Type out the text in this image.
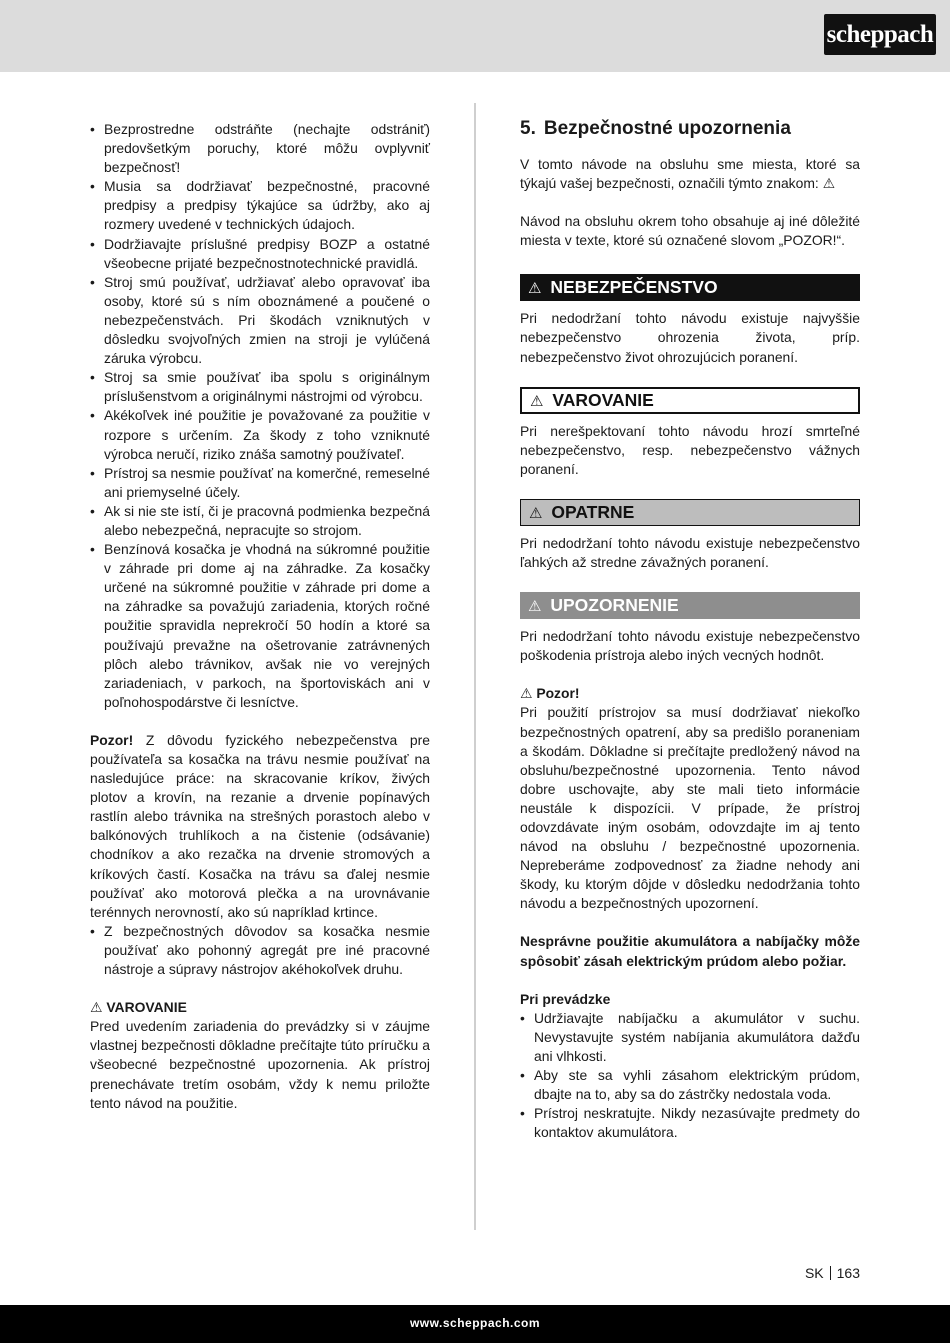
scheppach
• Bezprostredne odstráňte (nechajte odstrániť) predovšetkým poruchy, ktoré môžu ovplyvniť bezpečnosť!
• Musia sa dodržiavať bezpečnostné, pracovné predpisy a predpisy týkajúce sa údržby, ako aj rozmery uvedené v technických údajoch.
• Dodržiavajte príslušné predpisy BOZP a ostatné všeobecne prijaté bezpečnostnotechnické pravidlá.
• Stroj smú používať, udržiavať alebo opravovať iba osoby, ktoré sú s ním oboznámené a poučené o nebezpečenstvách. Pri škodách vzniknutých v dôsledku svojvoľných zmien na stroji je vylúčená záruka výrobcu.
• Stroj sa smie používať iba spolu s originálnym príslušenstvom a originálnymi nástrojmi od výrobcu.
• Akékoľvek iné použitie je považované za použitie v rozpore s určením. Za škody z toho vzniknuté výrobca neručí, riziko znáša samotný používateľ.
• Prístroj sa nesmie používať na komerčné, remeselné ani priemyselné účely.
• Ak si nie ste istí, či je pracovná podmienka bezpečná alebo nebezpečná, nepracujte so strojom.
• Benzínová kosačka je vhodná na súkromné použitie v záhrade pri dome aj na záhradke. Za kosačky určené na súkromné použitie v záhrade pri dome a na záhradke sa považujú zariadenia, ktorých ročné použitie spravidla neprekročí 50 hodín a ktoré sa používajú prevažne na ošetrovanie zatrávnených plôch alebo trávnikov, avšak nie vo verejných zariadeniach, v parkoch, na športoviskách ani v poľnohospodárstve či lesníctve.

Pozor! Z dôvodu fyzického nebezpečenstva pre používateľa sa kosačka na trávu nesmie používať na nasledujúce práce: na skracovanie kríkov, živých plotov a krovín, na rezanie a drvenie popínavých rastlín alebo trávnika na strešných porastoch alebo v balkónových truhlíkoch a na čistenie (odsávanie) chodníkov a ako rezačka na drvenie stromových a kríkových častí. Kosačka na trávu sa ďalej nesmie používať ako motorová plečka a na urovnávanie terénnych nerovností, ako sú napríklad krtince.

• Z bezpečnostných dôvodov sa kosačka nesmie používať ako pohonný agregát pre iné pracovné nástroje a súpravy nástrojov akéhokoľvek druhu.

⚠ VAROVANIE

Pred uvedením zariadenia do prevádzky si v záujme vlastnej bezpečnosti dôkladne prečítajte túto príručku a všeobecné bezpečnostné upozornenia. Ak prístroj prenechávate tretím osobám, vždy k nemu priložte tento návod na použitie.

5. Bezpečnostné upozornenia

V tomto návode na obsluhu sme miesta, ktoré sa týkajú vašej bezpečnosti, označili týmto znakom: ⚠

Návod na obsluhu okrem toho obsahuje aj iné dôležité miesta v texte, ktoré sú označené slovom „POZOR!“.

⚠ NEBEZPEČENSTVO

Pri nedodržaní tohto návodu existuje najvyššie nebezpečenstvo ohrozenia života, príp. nebezpečenstvo život ohrozujúcich poranení.

⚠ VAROVANIE

Pri nerešpektovaní tohto návodu hrozí smrteľné nebezpečenstvo, resp. nebezpečenstvo vážnych poranení.

⚠ OPATRNE

Pri nedodržaní tohto návodu existuje nebezpečenstvo ľahkých až stredne závažných poranení.

⚠ UPOZORNENIE

Pri nedodržaní tohto návodu existuje nebezpečenstvo poškodenia prístroja alebo iných vecných hodnôt.

⚠ Pozor!

Pri použití prístrojov sa musí dodržiavať niekoľko bezpečnostných opatrení, aby sa predišlo poraneniam a škodám. Dôkladne si prečítajte predložený návod na obsluhu/bezpečnostné upozornenia. Tento návod dobre uschovajte, aby ste mali tieto informácie neustále k dispozícii. V prípade, že prístroj odovzdávate iným osobám, odovzdajte im aj tento návod na obsluhu / bezpečnostné upozornenia. Nepreberáme zodpovednosť za žiadne nehody ani škody, ku ktorým dôjde v dôsledku nedodržania tohto návodu a bezpečnostných upozornení.

Nesprávne použitie akumulátora a nabíjačky môže spôsobiť zásah elektrickým prúdom alebo požiar.

Pri prevádzke

• Udržiavajte nabíjačku a akumulátor v suchu. Nevystavujte systém nabíjania akumulátora dažďu ani vlhkosti.
• Aby ste sa vyhli zásahom elektrickým prúdom, dbajte na to, aby sa do zástrčky nedostala voda.
• Prístroj neskratujte. Nikdy nezasúvajte predmety do kontaktov akumulátora.
SK 163
www.scheppach.com
